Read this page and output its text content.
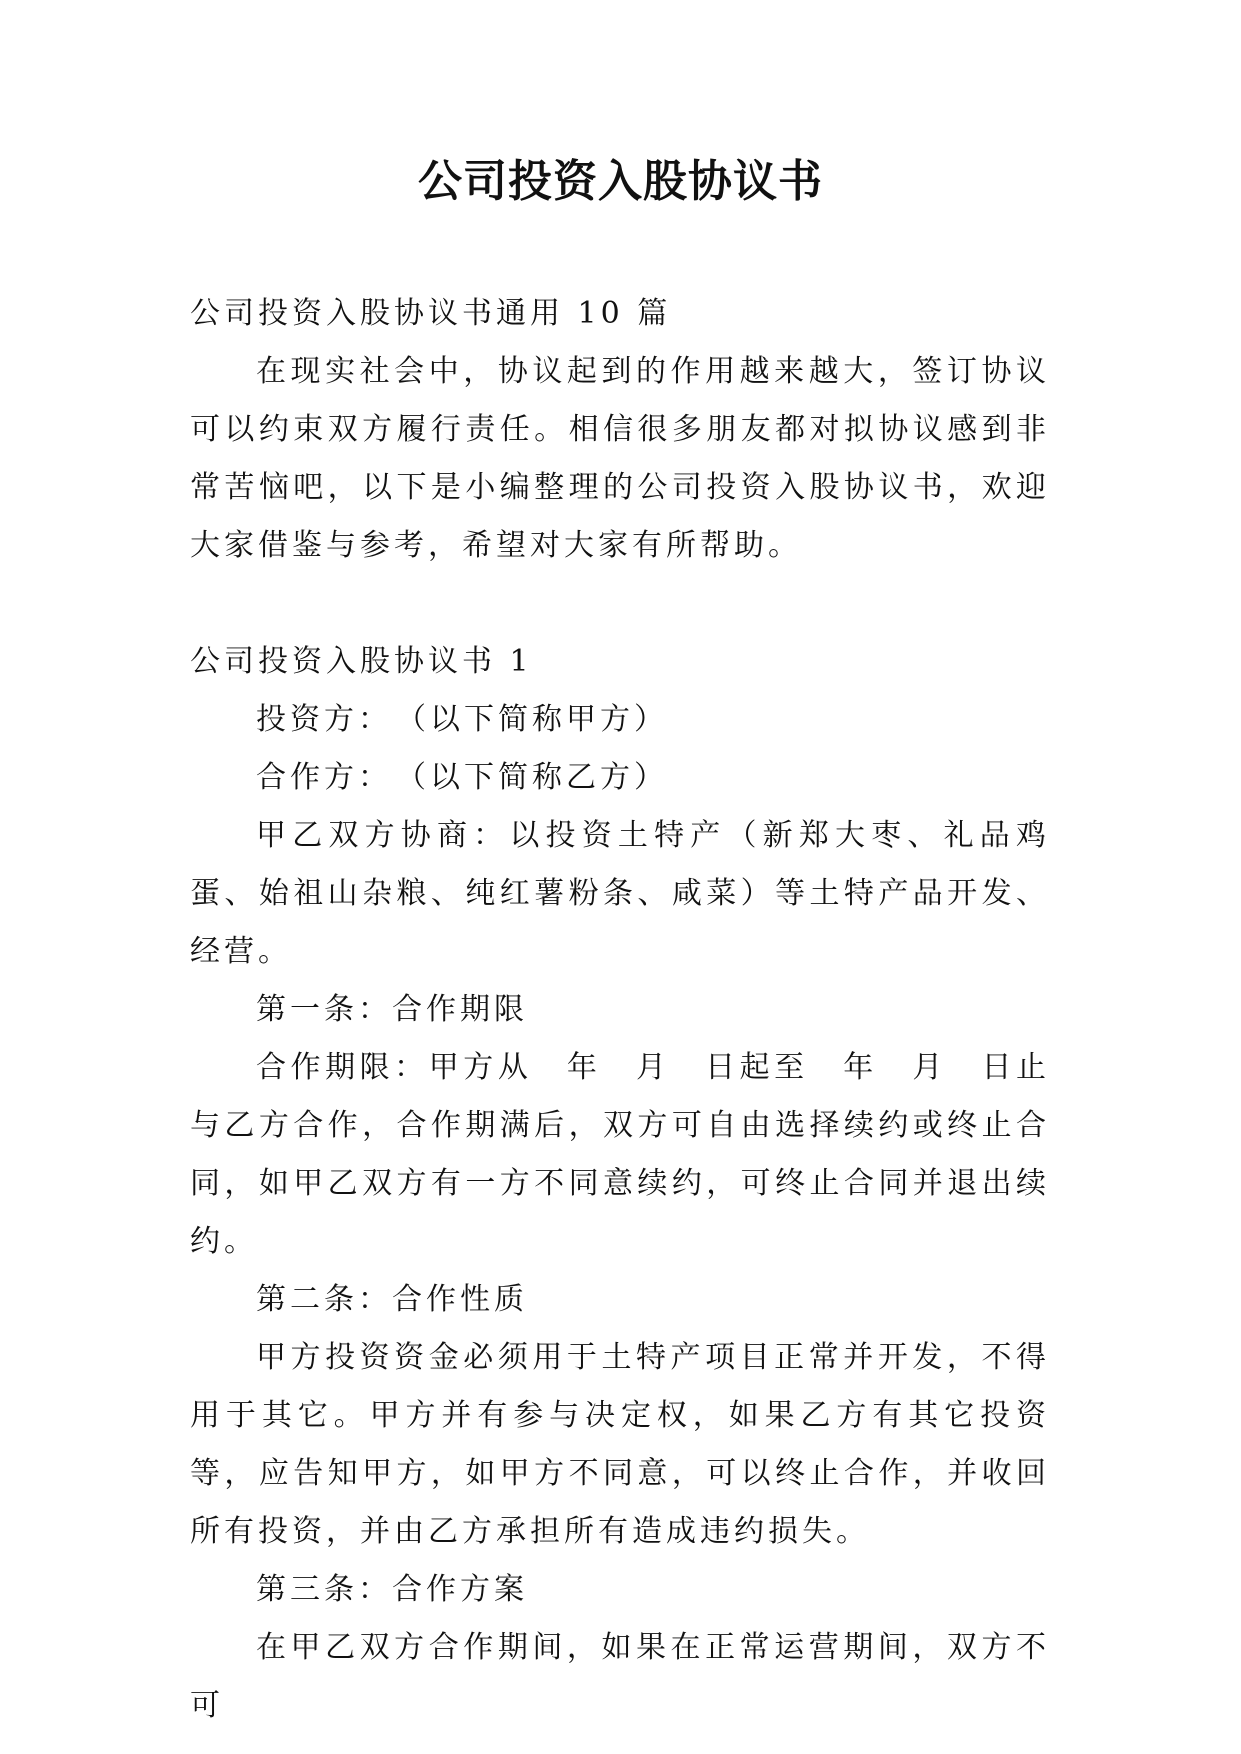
公司投资入股协议书
公司投资入股协议书通用 10 篇

在现实社会中，协议起到的作用越来越大，签订协议可以约束双方履行责任。相信很多朋友都对拟协议感到非常苦恼吧，以下是小编整理的公司投资入股协议书，欢迎大家借鉴与参考，希望对大家有所帮助。

公司投资入股协议书 1
投资方：　（以下简称甲方）
合作方：　（以下简称乙方）

甲乙双方协商：以投资土特产（新郑大枣、礼品鸡蛋、始祖山杂粮、纯红薯粉条、咸菜）等土特产品开发、经营。

第一条：合作期限

合作期限：甲方从　年　月　日起至　年　月　日止与乙方合作，合作期满后，双方可自由选择续约或终止合同，如甲乙双方有一方不同意续约，可终止合同并退出续约。

第二条：合作性质

甲方投资资金必须用于土特产项目正常并开发，不得用于其它。甲方并有参与决定权，如果乙方有其它投资等，应告知甲方，如甲方不同意，可以终止合作，并收回所有投资，并由乙方承担所有造成违约损失。

第三条：合作方案

在甲乙双方合作期间，如果在正常运营期间，双方不可
